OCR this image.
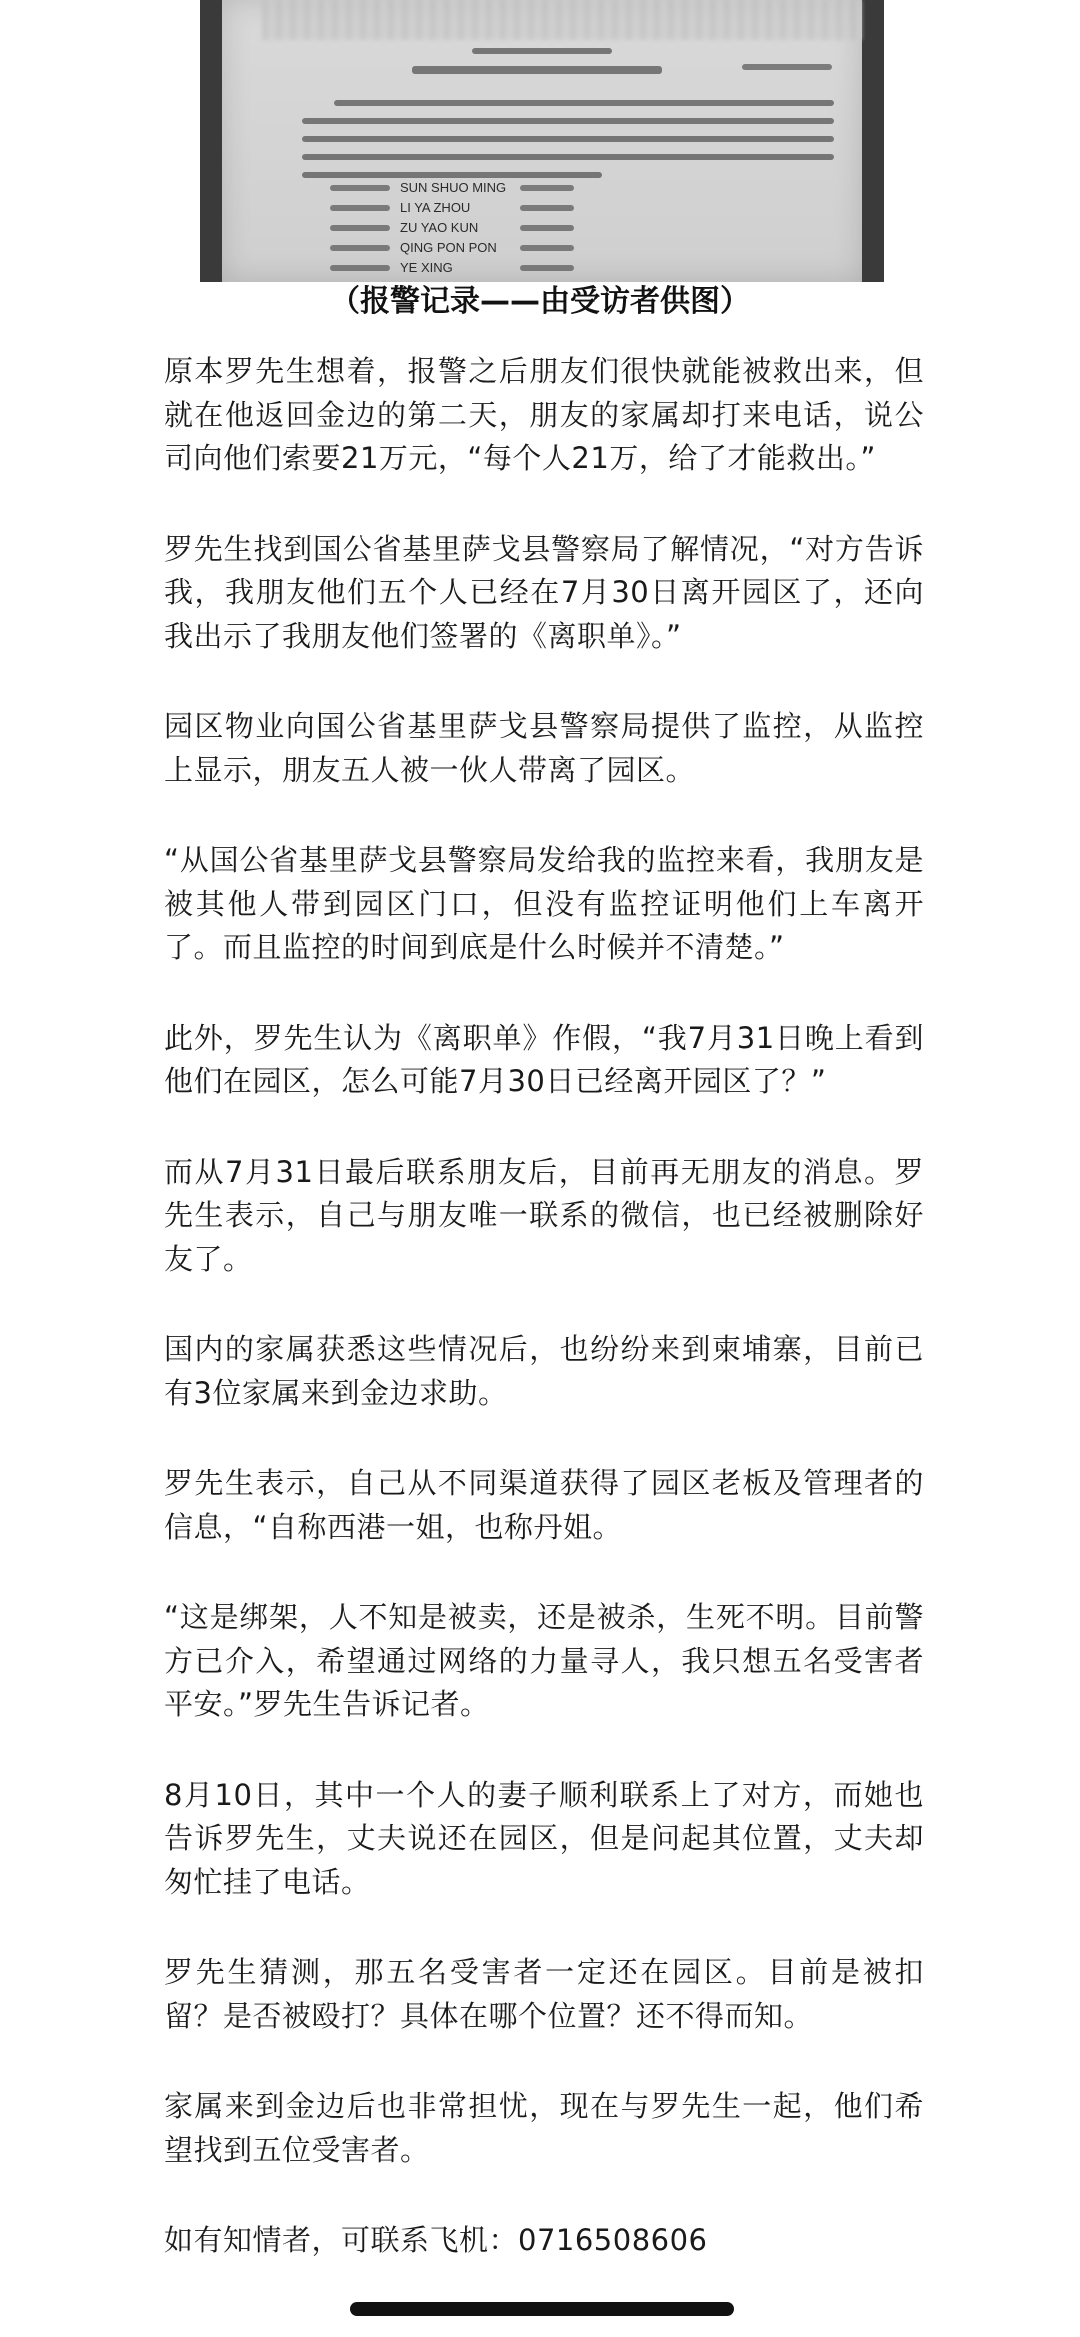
SUN SHUO MING
LI YA ZHOU
ZU YAO KUN
QING PON PON
YE XING
（报警记录——由受访者供图）

原本罗先生想着，报警之后朋友们很快就能被救出来，但就在他返回金边的第二天，朋友的家属却打来电话，说公司向他们索要21万元，“每个人21万，给了才能救出。”

罗先生找到国公省基里萨戈县警察局了解情况，“对方告诉我，我朋友他们五个人已经在7月30日离开园区了，还向我出示了我朋友他们签署的《离职单》。”

园区物业向国公省基里萨戈县警察局提供了监控，从监控上显示，朋友五人被一伙人带离了园区。

“从国公省基里萨戈县警察局发给我的监控来看，我朋友是被其他人带到园区门口，但没有监控证明他们上车离开了。而且监控的时间到底是什么时候并不清楚。”

此外，罗先生认为《离职单》作假，“我7月31日晚上看到他们在园区，怎么可能7月30日已经离开园区了？”

而从7月31日最后联系朋友后，目前再无朋友的消息。罗先生表示，自己与朋友唯一联系的微信，也已经被删除好友了。

国内的家属获悉这些情况后，也纷纷来到柬埔寨，目前已有3位家属来到金边求助。

罗先生表示，自己从不同渠道获得了园区老板及管理者的信息，“自称西港一姐，也称丹姐。

“这是绑架，人不知是被卖，还是被杀，生死不明。目前警方已介入，希望通过网络的力量寻人，我只想五名受害者平安。”罗先生告诉记者。

8月10日，其中一个人的妻子顺利联系上了对方，而她也告诉罗先生，丈夫说还在园区，但是问起其位置，丈夫却匆忙挂了电话。

罗先生猜测，那五名受害者一定还在园区。目前是被扣留？是否被殴打？具体在哪个位置？还不得而知。

家属来到金边后也非常担忧，现在与罗先生一起，他们希望找到五位受害者。

如有知情者，可联系飞机：0716508606
